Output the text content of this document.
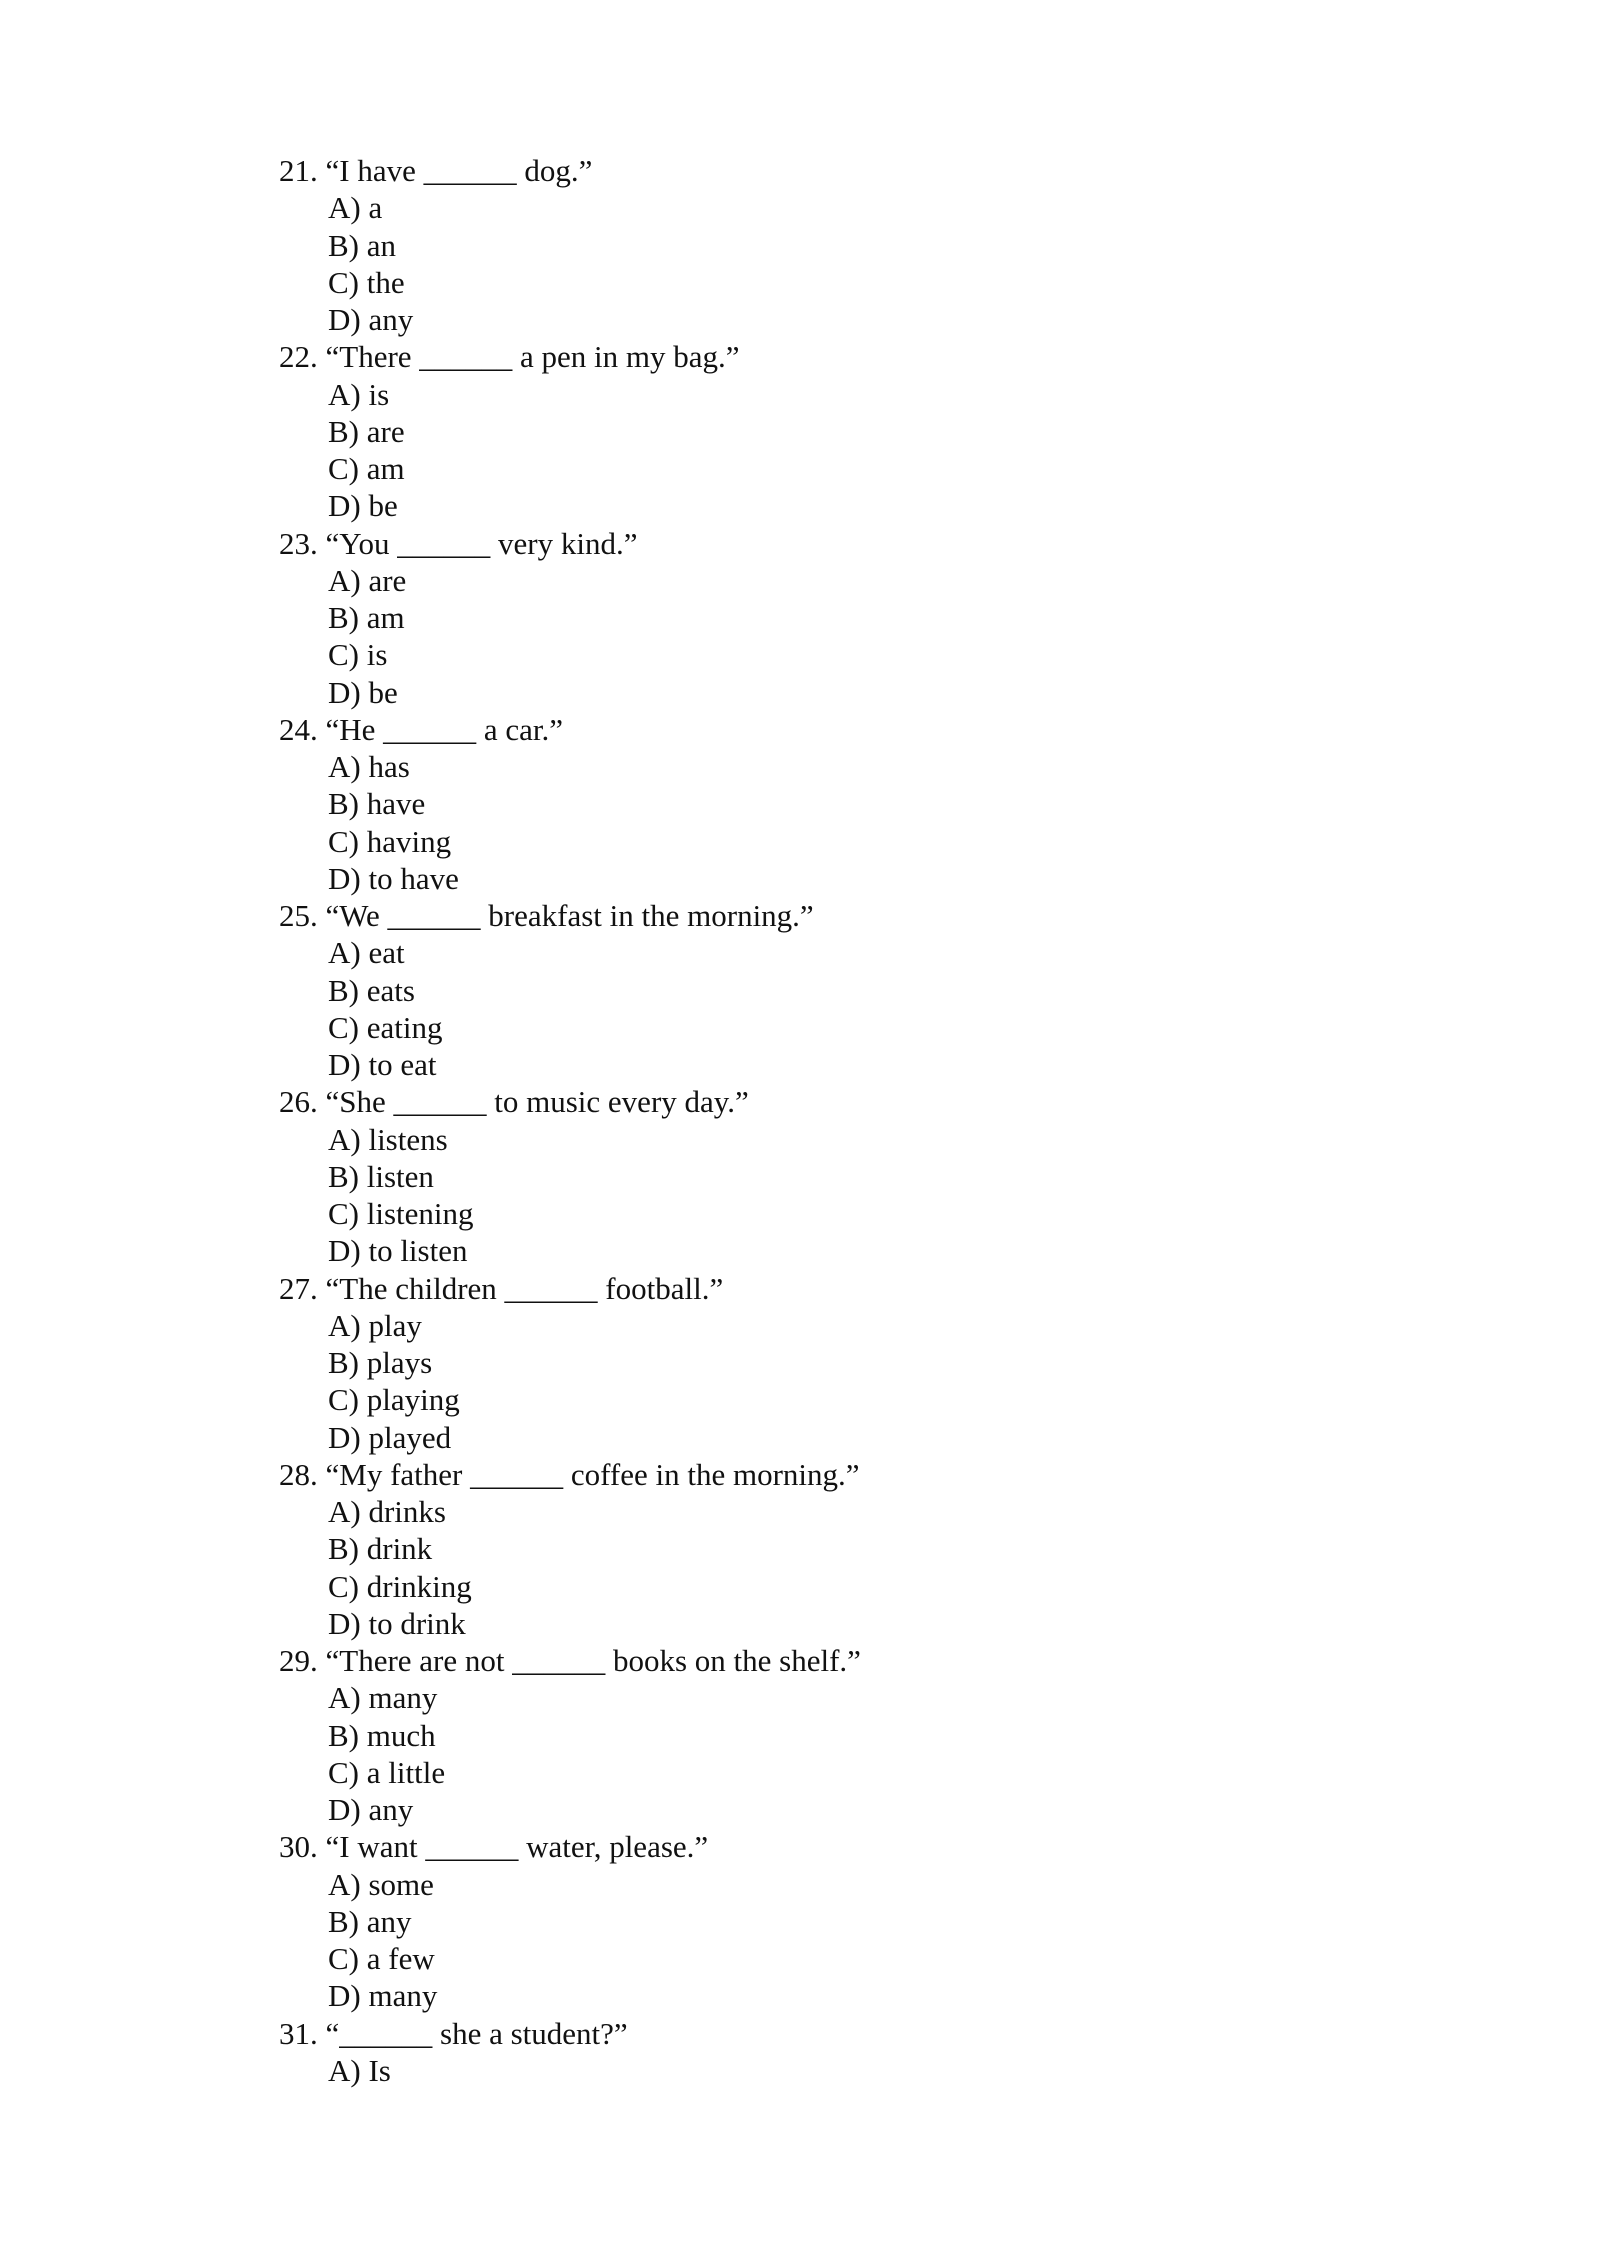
21. “I have ______ dog.”
A) a
B) an
C) the
D) any
22. “There ______ a pen in my bag.”
A) is
B) are
C) am
D) be
23. “You ______ very kind.”
A) are
B) am
C) is
D) be
24. “He ______ a car.”
A) has
B) have
C) having
D) to have
25. “We ______ breakfast in the morning.”
A) eat
B) eats
C) eating
D) to eat
26. “She ______ to music every day.”
A) listens
B) listen
C) listening
D) to listen
27. “The children ______ football.”
A) play
B) plays
C) playing
D) played
28. “My father ______ coffee in the morning.”
A) drinks
B) drink
C) drinking
D) to drink
29. “There are not ______ books on the shelf.”
A) many
B) much
C) a little
D) any
30. “I want ______ water, please.”
A) some
B) any
C) a few
D) many
31. “______ she a student?”
A) Is
